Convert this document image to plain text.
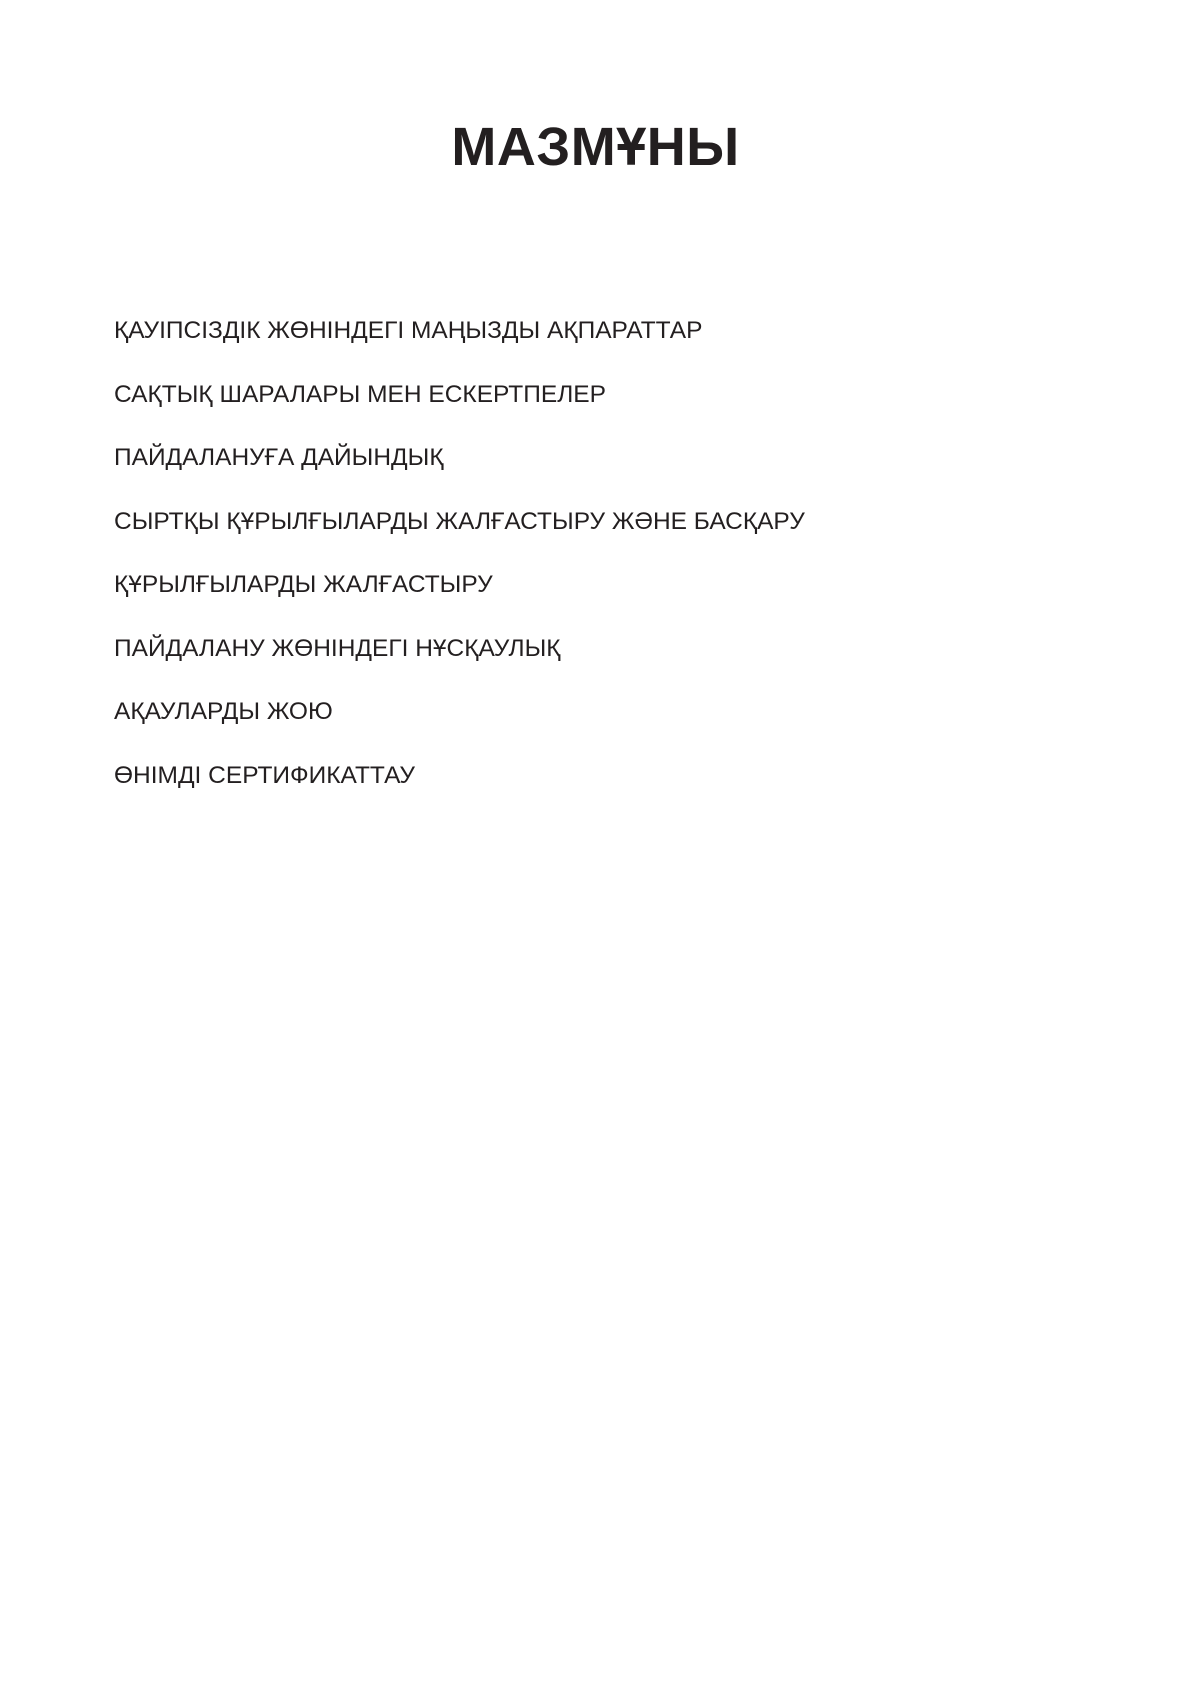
МАЗМҰНЫ
ҚАУІПСІЗДІК ЖӨНІНДЕГІ МАҢЫЗДЫ АҚПАРАТТАР
САҚТЫҚ ШАРАЛАРЫ МЕН ЕСКЕРТПЕЛЕР
ПАЙДАЛАНУҒА ДАЙЫНДЫҚ
СЫРТҚЫ ҚҰРЫЛҒЫЛАРДЫ ЖАЛҒАСТЫРУ ЖӘНЕ БАСҚАРУ
ҚҰРЫЛҒЫЛАРДЫ ЖАЛҒАСТЫРУ
ПАЙДАЛАНУ ЖӨНІНДЕГІ НҰСҚАУЛЫҚ
АҚАУЛАРДЫ ЖОЮ
ӨНІМДІ СЕРТИФИКАТТАУ
